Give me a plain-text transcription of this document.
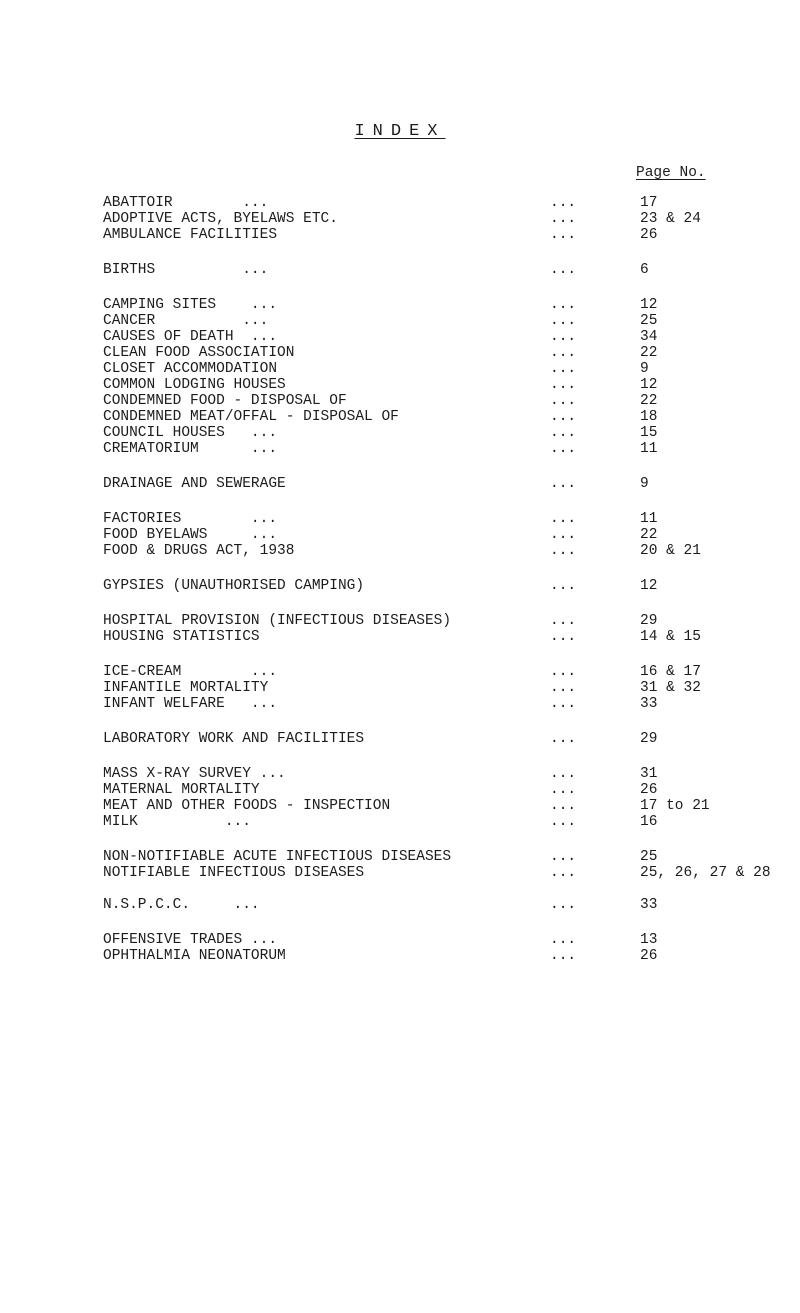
INDEX
Page No.
ABATTOIR        ...	...	17
ADOPTIVE ACTS, BYELAWS ETC.	...	23 & 24
AMBULANCE FACILITIES	...	26
BIRTHS          ...	...	6
CAMPING SITES    ...	...	12
CANCER          ...	...	25
CAUSES OF DEATH  ...	...	34
CLEAN FOOD ASSOCIATION	...	22
CLOSET ACCOMMODATION	...	9
COMMON LODGING HOUSES	...	12
CONDEMNED FOOD - DISPOSAL OF	...	22
CONDEMNED MEAT/OFFAL - DISPOSAL OF	...	18
COUNCIL HOUSES   ...	...	15
CREMATORIUM      ...	...	11
DRAINAGE AND SEWERAGE	...	9
FACTORIES        ...	...	11
FOOD BYELAWS     ...	...	22
FOOD & DRUGS ACT, 1938	...	20 & 21
GYPSIES (UNAUTHORISED CAMPING)	...	12
HOSPITAL PROVISION (INFECTIOUS DISEASES)	...	29
HOUSING STATISTICS	...	14 & 15
ICE-CREAM        ...	...	16 & 17
INFANTILE MORTALITY	...	31 & 32
INFANT WELFARE   ...	...	33
LABORATORY WORK AND FACILITIES	...	29
MASS X-RAY SURVEY ...	...	31
MATERNAL MORTALITY	...	26
MEAT AND OTHER FOODS - INSPECTION	...	17 to 21
MILK          ...	...	16
NON-NOTIFIABLE ACUTE INFECTIOUS DISEASES	...	25
NOTIFIABLE INFECTIOUS DISEASES	...	25, 26, 27 & 28
N.S.P.C.C.     ...	...	33
OFFENSIVE TRADES ...	...	13
OPHTHALMIA NEONATORUM	...	26
